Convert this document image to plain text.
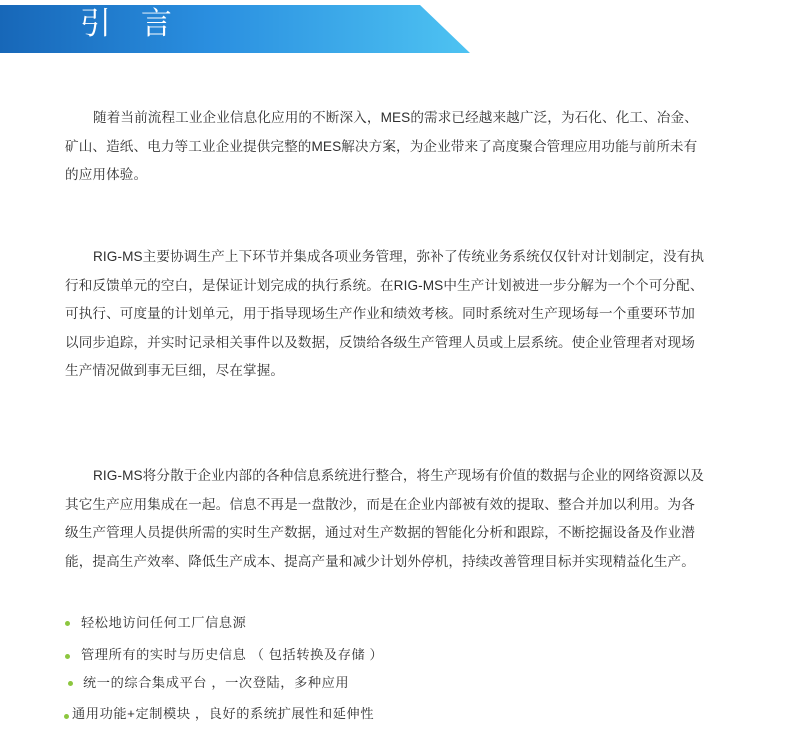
引 言

随着当前流程工业企业信息化应用的不断深入，MES的需求已经越来越广泛，为石化、化工、冶金、矿山、造纸、电力等工业企业提供完整的MES解决方案，为企业带来了高度聚合管理应用功能与前所未有的应用体验。

RIG-MS主要协调生产上下环节并集成各项业务管理，弥补了传统业务系统仅仅针对计划制定，没有执行和反馈单元的空白，是保证计划完成的执行系统。在RIG-MS中生产计划被进一步分解为一个个可分配、可执行、可度量的计划单元，用于指导现场生产作业和绩效考核。同时系统对生产现场每一个重要环节加以同步追踪，并实时记录相关事件以及数据，反馈给各级生产管理人员或上层系统。使企业管理者对现场生产情况做到事无巨细，尽在掌握。

RIG-MS将分散于企业内部的各种信息系统进行整合，将生产现场有价值的数据与企业的网络资源以及其它生产应用集成在一起。信息不再是一盘散沙，而是在企业内部被有效的提取、整合并加以利用。为各级生产管理人员提供所需的实时生产数据，通过对生产数据的智能化分析和跟踪，不断挖掘设备及作业潜能，提高生产效率、降低生产成本、提高产量和减少计划外停机，持续改善管理目标并实现精益化生产。

轻松地访问任何工厂信息源
管理所有的实时与历史信息 （ 包括转换及存储 ）
统一的综合集成平台 ，一次登陆，多种应用
通用功能+定制模块 ，良好的系统扩展性和延伸性
